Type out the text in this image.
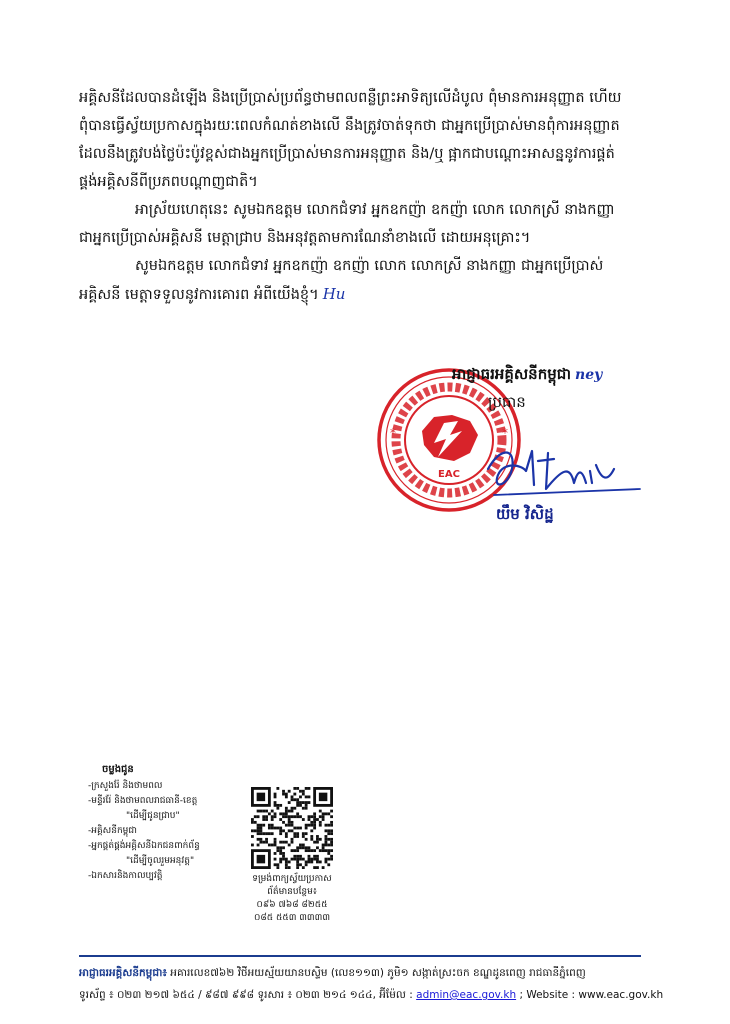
អគ្គិសនីដែលបានដំឡើង និងប្រើប្រាស់ប្រព័ន្ធថាមពលពន្លឺព្រះអាទិត្យលើដំបូល ពុំមានការអនុញ្ញាត ហើយ
ពុំបានធ្វើស្វ័យប្រកាសក្នុងរយៈពេលកំណត់ខាងលើ នឹងត្រូវចាត់ទុកថា ជាអ្នកប្រើប្រាស់មានពុំការអនុញ្ញាត
ដែលនឹងត្រូវបង់ថ្លៃប៉ះប៉ូវខ្ពស់ជាងអ្នកប្រើប្រាស់មានការអនុញ្ញាត និង/ឬ ផ្អាកជាបណ្តោះអាសន្ននូវការផ្គត់
ផ្គង់អគ្គិសនីពីប្រភពបណ្តាញជាតិ។

អាស្រ័យហេតុនេះ សូមឯកឧត្តម លោកជំទាវ អ្នកឧកញ៉ា ឧកញ៉ា លោក លោកស្រី នាងកញ្ញា
ជាអ្នកប្រើប្រាស់អគ្គិសនី មេត្តាជ្រាប និងអនុវត្តតាមការណែនាំខាងលើ ដោយអនុគ្រោះ។

សូមឯកឧត្តម លោកជំទាវ អ្នកឧកញ៉ា ឧកញ៉ា លោក លោកស្រី នាងកញ្ញា ជាអ្នកប្រើប្រាស់
អគ្គិសនី មេត្តាទទួលនូវការគោរព អំពីយើងខ្ញុំ។ Hu

EAC
*	*
អាជ្ញាធរអគ្គិសនីកម្ពុជា ney
ប្រធាន
យឹម វិសិដ្ឋ
ចម្លងជូន
-ក្រសួងរ៉ែ និងថាមពល
-មន្ទីររ៉ែ និងថាមពលរាជធានី-ខេត្ត
"ដើម្បីជូនជ្រាប"
-អគ្គិសនីកម្ពុជា
-អ្នកផ្គត់ផ្គង់អគ្គិសនីឯកជនពាក់ព័ន្ធ
"ដើម្បីចូលរួមអនុវត្ត"
-ឯកសារនិងកាលប្បវត្តិ	ទម្រង់ពាក្យស្វ័យប្រកាស
ព័ត៌មានបន្ថែម៖
០៩៦ ៧៦៨ ៨២៥៥
០៨៥ ៥៥៣ ៣៣៣៣
អាជ្ញាធរអគ្គិសនីកម្ពុជា៖ អគារលេខ៧៦២ វិថីអយស្ម័យយានបស្ទិម (លេខ១១៣) ភូមិ១ សង្កាត់ស្រះចក ខណ្ឌដូនពេញ រាជធានីភ្នំពេញ
ទូរស័ព្ទ ៖ ០២៣ ២១៧ ៦៥៤ / ៩៨៧ ៩៩៨ ទូរសារ ៖ ០២៣ ២១៤ ១៤៤, អ៊ីម៉ែល : admin@eac.gov.kh ; Website : www.eac.gov.kh
